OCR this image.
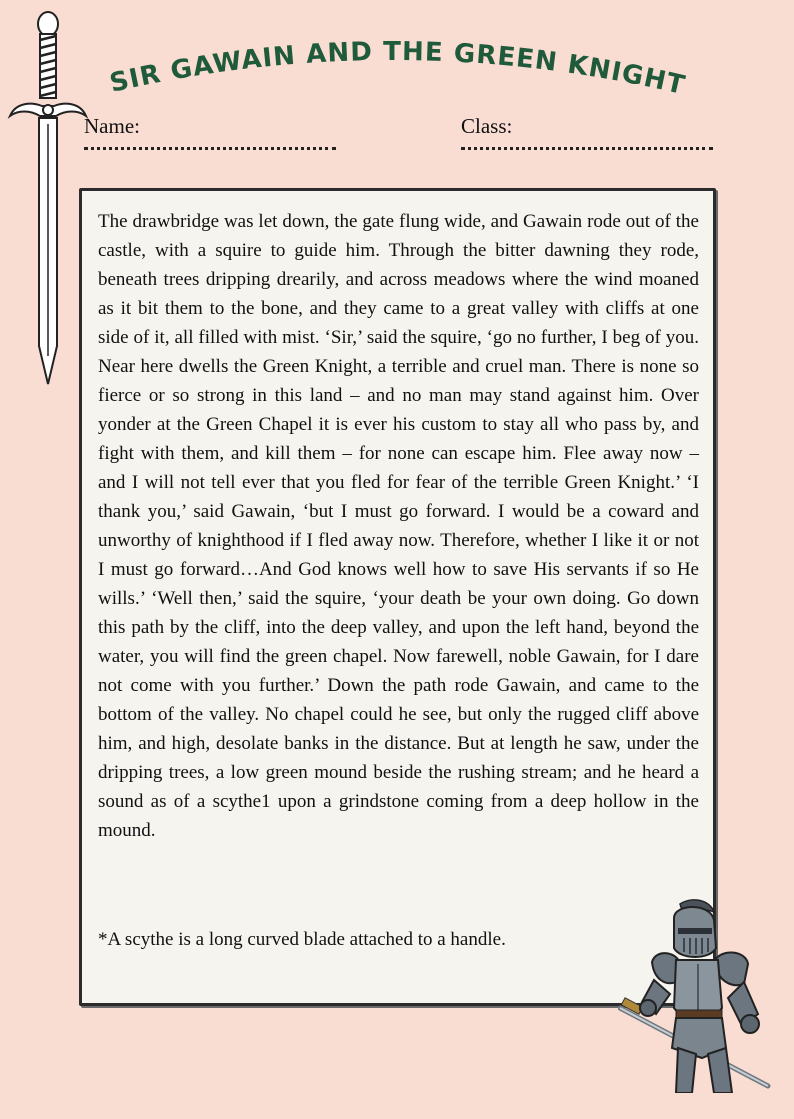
SIR GAWAIN AND THE GREEN KNIGHT
Name:	Class:

The drawbridge was let down, the gate flung wide, and Gawain rode out of the castle, with a squire to guide him. Through the bitter dawning they rode, beneath trees dripping drearily, and across meadows where the wind moaned as it bit them to the bone, and they came to a great valley with cliffs at one side of it, all filled with mist. ‘Sir,’ said the squire, ‘go no further, I beg of you. Near here dwells the Green Knight, a terrible and cruel man. There is none so fierce or so strong in this land – and no man may stand against him. Over yonder at the Green Chapel it is ever his custom to stay all who pass by, and fight with them, and kill them – for none can escape him. Flee away now – and I will not tell ever that you fled for fear of the terrible Green Knight.’ ‘I thank you,’ said Gawain, ‘but I must go forward. I would be a coward and unworthy of knighthood if I fled away now. Therefore, whether I like it or not I must go forward…And God knows well how to save His servants if so He wills.’ ‘Well then,’ said the squire, ‘your death be your own doing. Go down this path by the cliff, into the deep valley, and upon the left hand, beyond the water, you will find the green chapel. Now farewell, noble Gawain, for I dare not come with you further.’ Down the path rode Gawain, and came to the bottom of the valley. No chapel could he see, but only the rugged cliff above him, and high, desolate banks in the distance. But at length he saw, under the dripping trees, a low green mound beside the rushing stream; and he heard a sound as of a scythe1 upon a grindstone coming from a deep hollow in the mound.

*A scythe is a long curved blade attached to a handle.
